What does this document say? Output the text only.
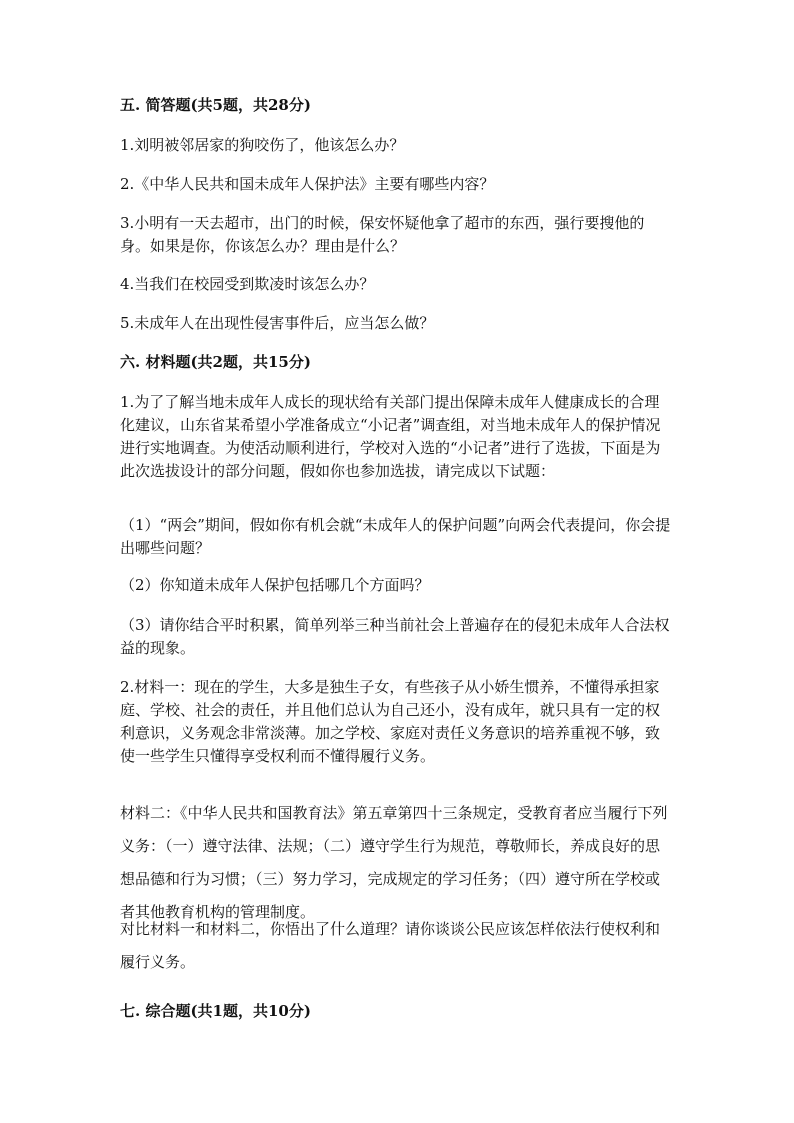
五. 简答题(共5题，共28分)

1.刘明被邻居家的狗咬伤了，他该怎么办？

2.《中华人民共和国未成年人保护法》主要有哪些内容？

3.小明有一天去超市，出门的时候，保安怀疑他拿了超市的东西，强行要搜他的身。如果是你，你该怎么办？理由是什么？

4.当我们在校园受到欺凌时该怎么办？

5.未成年人在出现性侵害事件后，应当怎么做？

六. 材料题(共2题，共15分)

1.为了了解当地未成年人成长的现状给有关部门提出保障未成年人健康成长的合理化建议，山东省某希望小学准备成立“小记者”调查组，对当地未成年人的保护情况进行实地调查。为使活动顺利进行，学校对入选的“小记者”进行了选拔，下面是为此次选拔设计的部分问题，假如你也参加选拔，请完成以下试题：

（1）“两会”期间，假如你有机会就“未成年人的保护问题”向两会代表提问，你会提出哪些问题？

（2）你知道未成年人保护包括哪几个方面吗？

（3）请你结合平时积累，简单列举三种当前社会上普遍存在的侵犯未成年人合法权益的现象。

2.材料一：现在的学生，大多是独生子女，有些孩子从小娇生惯养，不懂得承担家庭、学校、社会的责任，并且他们总认为自己还小，没有成年，就只具有一定的权利意识，义务观念非常淡薄。加之学校、家庭对责任义务意识的培养重视不够，致使一些学生只懂得享受权利而不懂得履行义务。

材料二：《中华人民共和国教育法》第五章第四十三条规定，受教育者应当履行下列义务：（一）遵守法律、法规；（二）遵守学生行为规范，尊敬师长，养成良好的思想品德和行为习惯；（三）努力学习，完成规定的学习任务；（四）遵守所在学校或者其他教育机构的管理制度。

对比材料一和材料二，你悟出了什么道理？请你谈谈公民应该怎样依法行使权利和履行义务。

七. 综合题(共1题，共10分)
